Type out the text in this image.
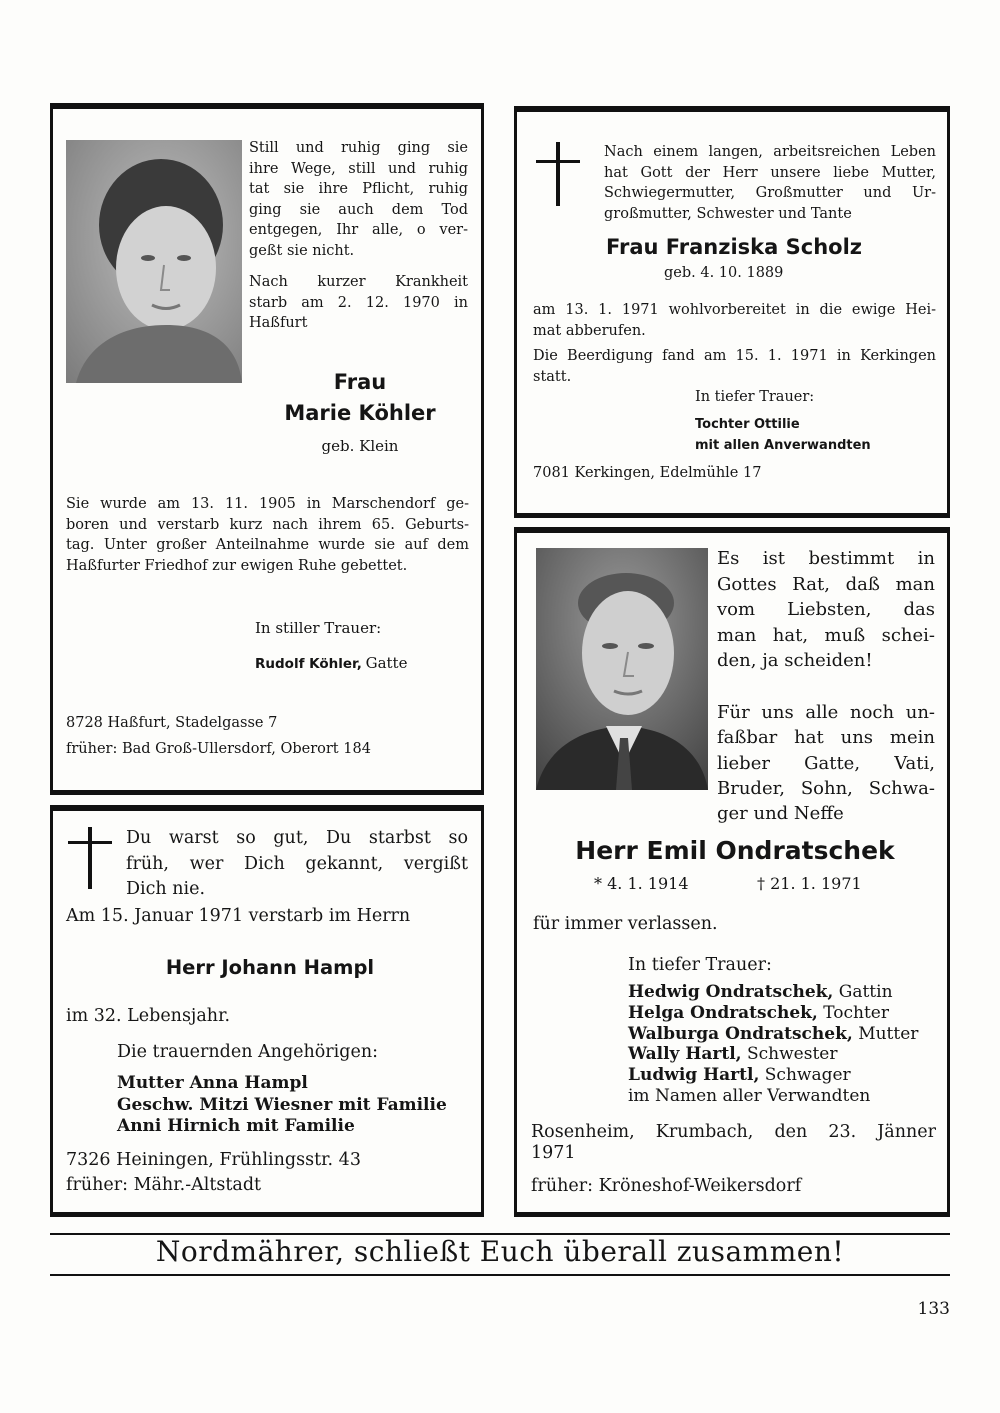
Still und ruhig ging sie
ihre Wege, still und ruhig
tat sie ihre Pflicht, ruhig
ging sie auch dem Tod
entgegen, Ihr alle, o ver-
geßt sie nicht.
Nach kurzer Krankheit
starb am 2. 12. 1970 in
Haßfurt
Frau
Marie Köhler
geb. Klein
Sie wurde am 13. 11. 1905 in Marschendorf ge-
boren und verstarb kurz nach ihrem 65. Geburts-
tag. Unter großer Anteilnahme wurde sie auf dem
Haßfurter Friedhof zur ewigen Ruhe gebettet.
In stiller Trauer:
Rudolf Köhler, Gatte
8728 Haßfurt, Stadelgasse 7
früher: Bad Groß-Ullersdorf, Oberort 184
Nach einem langen, arbeitsreichen Leben
hat Gott der Herr unsere liebe Mutter,
Schwiegermutter, Großmutter und Ur-
großmutter, Schwester und Tante
Frau Franziska Scholz
geb. 4. 10. 1889
am 13. 1. 1971 wohlvorbereitet in die ewige Hei-
mat abberufen.
Die Beerdigung fand am 15. 1. 1971 in Kerkingen
statt.
In tiefer Trauer:
Tochter Ottilie
mit allen Anverwandten
7081 Kerkingen, Edelmühle 17
Du warst so gut, Du starbst so
früh, wer Dich gekannt, vergißt
Dich nie.
Am 15. Januar 1971 verstarb im Herrn
Herr Johann Hampl
im 32. Lebensjahr.
Die trauernden Angehörigen:
Mutter Anna Hampl
Geschw. Mitzi Wiesner mit Familie
Anni Hirnich mit Familie
7326 Heiningen, Frühlingsstr. 43
früher: Mähr.-Altstadt
Es ist bestimmt in
Gottes Rat, daß man
vom Liebsten, das
man hat, muß schei-
den, ja scheiden!
Für uns alle noch un-
faßbar hat uns mein
lieber Gatte, Vati,
Bruder, Sohn, Schwa-
ger und Neffe
Herr Emil Ondratschek
* 4. 1. 1914	† 21. 1. 1971
für immer verlassen.
In tiefer Trauer:
Hedwig Ondratschek, Gattin
Helga Ondratschek, Tochter
Walburga Ondratschek, Mutter
Wally Hartl, Schwester
Ludwig Hartl, Schwager
im Namen aller Verwandten
Rosenheim, Krumbach, den 23. Jänner
1971
früher: Kröneshof-Weikersdorf
Nordmährer, schließt Euch überall zusammen!
133
